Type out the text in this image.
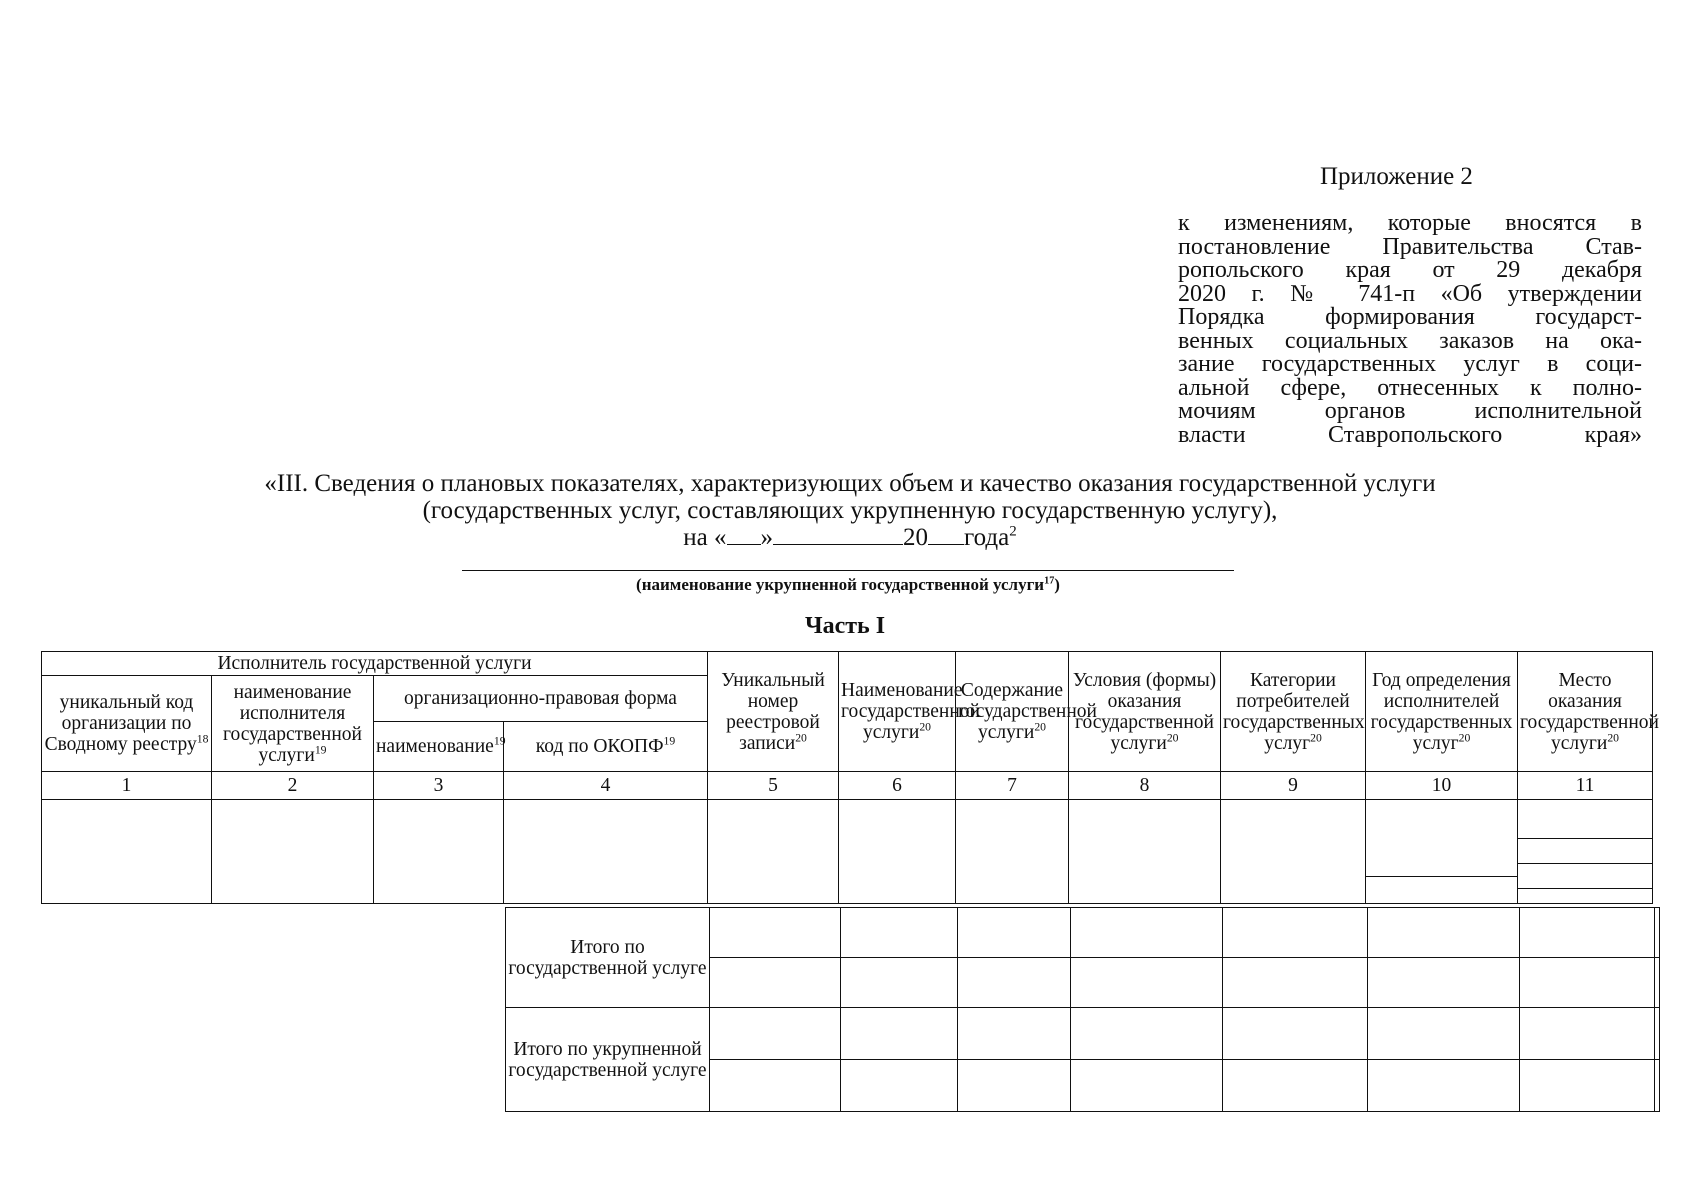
Приложение 2
к изменениям, которые вносятся в
постановление Правительства Став-
ропольского края от 29 декабря
2020 г. № 741-п «Об утверждении
Порядка формирования государст-
венных социальных заказов на ока-
зание государственных услуг в соци-
альной сфере, отнесенных к полно-
мочиям органов исполнительной
власти Ставропольского края»
«III. Сведения о плановых показателях, характеризующих объем и качество оказания государственной услуги
(государственных услуг, составляющих укрупненную государственную услугу),
на « »	20 года$^2$
(наименование укрупненной государственной услуги$^{17}$)
Часть I
Исполнитель государственной услуги				Уникальный номер реестровой записи$^{20}$	Наименование государственной услуги$^{20}$	Содержание государственной услуги$^{20}$	Условия (формы) оказания государственной услуги$^{20}$	Категории потребителей государственных услуг$^{20}$	Год определения исполнителей государственных услуг$^{20}$	Место оказания государственной услуги$^{20}$
уникальный код организации по Сводному реестру$^{18}$	наименование исполнителя государственной услуги$^{19}$	организационно-правовая форма								
		наименование$^{19}$	код по ОКОПФ$^{19}$
1	2	3	4	5	6	7	8	9	10	11

Итого по государственной услуге								

Итого по укрупненной государственной услуге								
